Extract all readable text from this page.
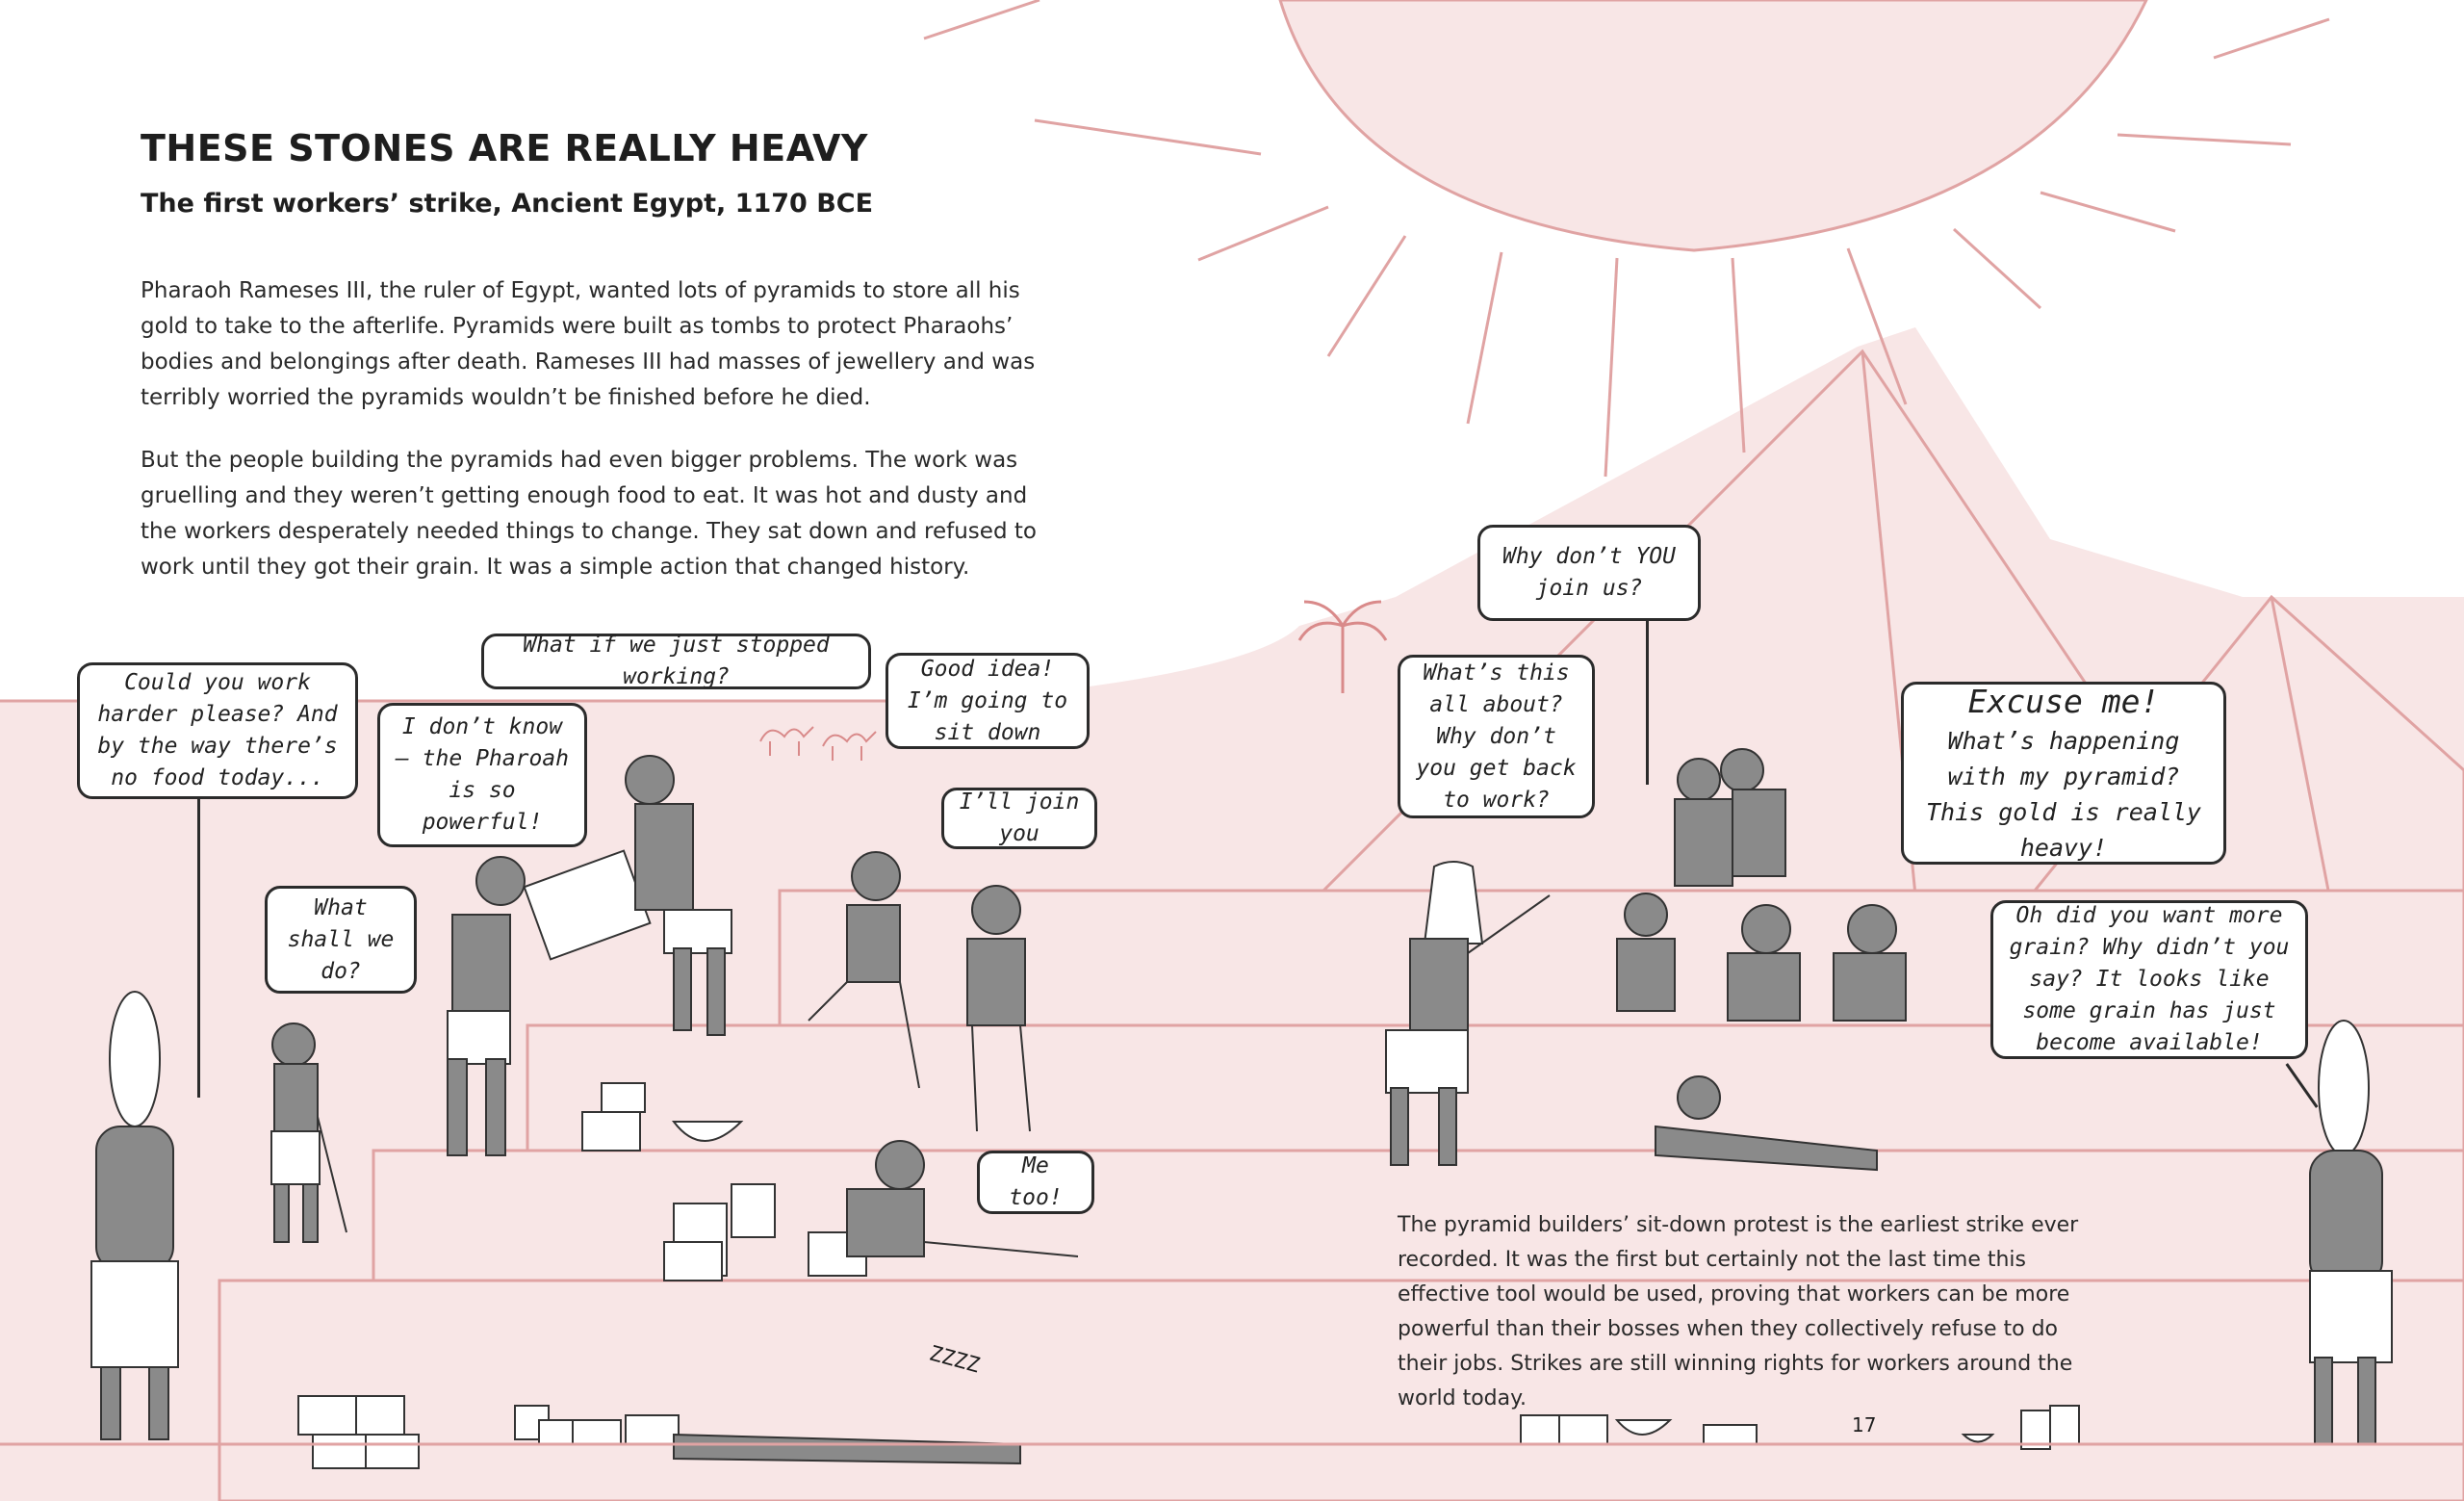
THESE STONES ARE REALLY HEAVY
The first workers’ strike, Ancient Egypt, 1170 BCE

Pharaoh Rameses III, the ruler of Egypt, wanted lots of pyramids to store all his gold to take to the afterlife. Pyramids were built as tombs to protect Pharaohs’ bodies and belongings after death. Rameses III had masses of jewellery and was terribly worried the pyramids wouldn’t be finished before he died.

But the people building the pyramids had even bigger problems. The work was gruelling and they weren’t getting enough food to eat. It was hot and dusty and the workers desperately needed things to change. They sat down and refused to work until they got their grain. It was a simple action that changed history.

Could you work harder please? And by the way there’s no food today...
What shall we do?
I don’t know – the Pharoah is so powerful!
What if we just stopped working?	Good idea! I’m going to sit down
I’ll join you
Me too!
Why don’t YOU join us?
What’s this all about? Why don’t you get back to work?
Excuse me!
What’s happening with my pyramid? This gold is really heavy!
Oh did you want more grain? Why didn’t you say? It looks like some grain has just become available!
ZZZZ

The pyramid builders’ sit-down protest is the earliest strike ever recorded. It was the first but certainly not the last time this effective tool would be used, proving that workers can be more powerful than their bosses when they collectively refuse to do their jobs. Strikes are still winning rights for workers around the world today.

17
